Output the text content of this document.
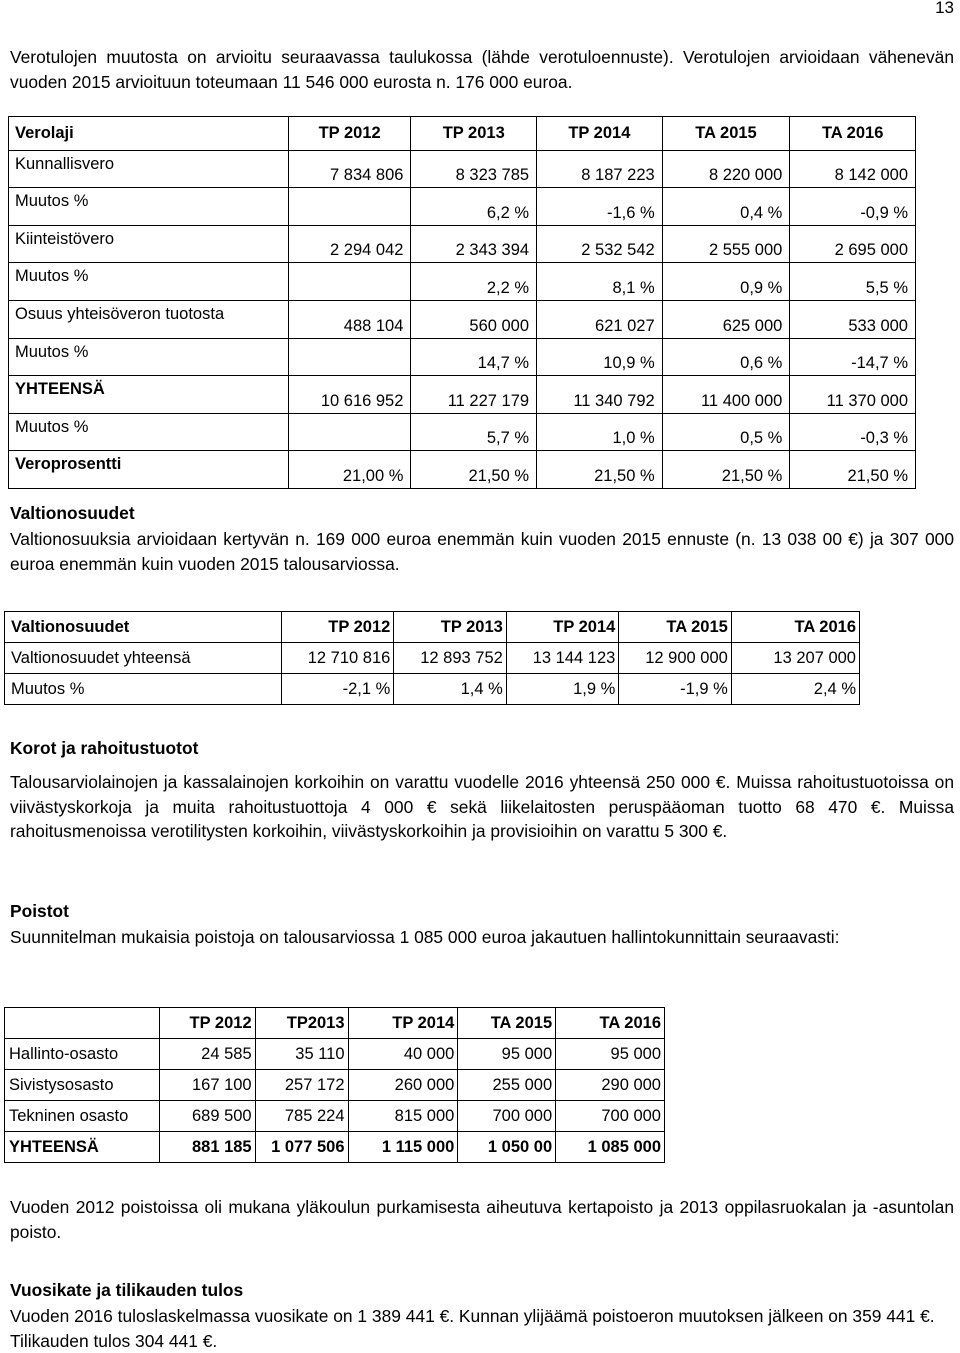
13

Verotulojen muutosta on arvioitu seuraavassa taulukossa (lähde verotuloennuste). Verotulojen arvioidaan vähenevän vuoden 2015 arvioituun toteumaan 11 546 000 eurosta n. 176 000 euroa.

Verolaji	TP 2012	TP 2013	TP 2014	TA 2015	TA 2016
Kunnallisvero	7 834 806	8 323 785	8 187 223	8 220 000	8 142 000
Muutos %		6,2 %	-1,6 %	0,4 %	-0,9 %
Kiinteistövero	2 294 042	2 343 394	2 532 542	2 555 000	2 695 000
Muutos %		2,2 %	8,1 %	0,9 %	5,5 %
Osuus yhteisöveron tuotosta	488 104	560 000	621 027	625 000	533 000
Muutos %		14,7 %	10,9 %	0,6 %	-14,7 %
YHTEENSÄ	10 616 952	11 227 179	11 340 792	11 400 000	11 370 000
Muutos %		5,7 %	1,0 %	0,5 %	-0,3 %
Veroprosentti	21,00 %	21,50 %	21,50 %	21,50 %	21,50 %
Valtionosuudet

Valtionosuuksia arvioidaan kertyvän n. 169 000 euroa enemmän kuin vuoden 2015 ennuste (n. 13 038 00 €) ja 307 000 euroa enemmän kuin vuoden 2015 talousarviossa.

Valtionosuudet	TP 2012	TP 2013	TP 2014	TA 2015	TA 2016
Valtionosuudet yhteensä	12 710 816	12 893 752	13 144 123	12 900 000	13 207 000
Muutos %	-2,1 %	1,4 %	1,9 %	-1,9 %	2,4 %
Korot ja rahoitustuotot

Talousarviolainojen ja kassalainojen korkoihin on varattu vuodelle 2016 yhteensä 250 000 €. Muissa rahoitustuotoissa on viivästyskorkoja ja muita rahoitustuottoja 4 000 € sekä liikelaitosten peruspääoman tuotto 68 470 €. Muissa rahoitusmenoissa verotilitysten korkoihin, viivästyskorkoihin ja provisioihin on varattu 5 300 €.

Poistot

Suunnitelman mukaisia poistoja on talousarviossa 1 085 000 euroa jakautuen hallintokunnittain seuraavasti:

	TP 2012	TP2013	TP 2014	TA 2015	TA 2016
Hallinto-osasto	24 585	35 110	40 000	95 000	95 000
Sivistysosasto	167 100	257 172	260 000	255 000	290 000
Tekninen osasto	689 500	785 224	815 000	700 000	700 000
YHTEENSÄ	881 185	1 077 506	1 115 000	1 050 00	1 085 000

Vuoden 2012 poistoissa oli mukana yläkoulun purkamisesta aiheutuva kertapoisto ja 2013 oppilasruokalan ja -asuntolan poisto.

Vuosikate ja tilikauden tulos

Vuoden 2016 tuloslaskelmassa vuosikate on 1 389 441 €. Kunnan ylijäämä poistoeron muutoksen jälkeen on 359 441 €. Tilikauden tulos 304 441 €.
